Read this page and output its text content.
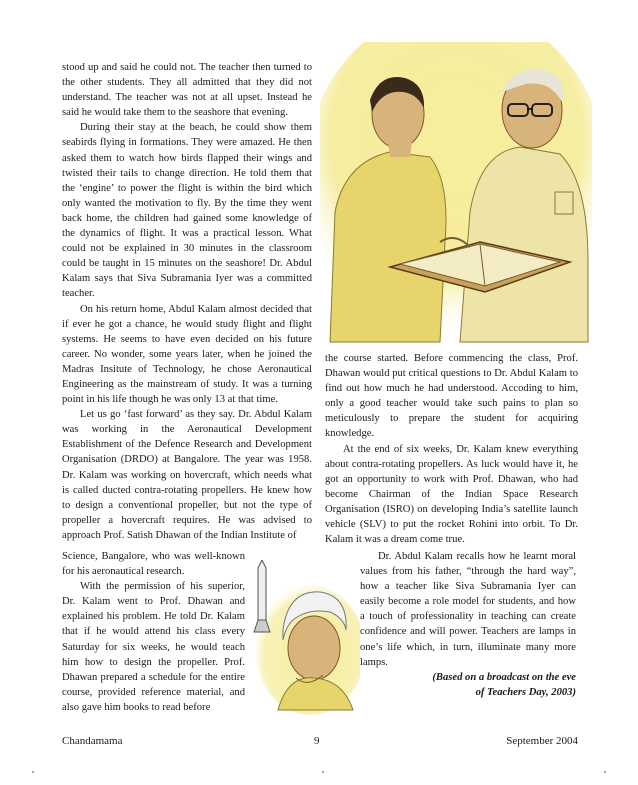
stood up and said he could not. The teacher then turned to the other students. They all admitted that they did not understand. The teacher was not at all upset. Instead he said he would take them to the seashore that evening.

During their stay at the beach, he could show them seabirds flying in formations. They were amazed. He then asked them to watch how birds flapped their wings and twisted their tails to change direction. He told them that the ‘engine’ to power the flight is within the bird which only wanted the motivation to fly. By the time they went back home, the children had gained some knowledge of the dynamics of flight. It was a practical lesson. What could not be explained in 30 minutes in the classroom could be taught in 15 minutes on the seashore! Dr. Abdul Kalam says that Siva Subramania Iyer was a committed teacher.

On his return home, Abdul Kalam almost decided that if ever he got a chance, he would study flight and flight systems. He seems to have even decided on his future career. No wonder, some years later, when he joined the Madras Insitute of Technology, he chose Aeronautical Engineering as the mainstream of study. It was a turning point in his life though he was only 13 at that time.

Let us go ‘fast forward’ as they say. Dr. Abdul Kalam was working in the Aeronautical Development Establishment of the Defence Research and Development Organisation (DRDO) at Bangalore. The year was 1958. Dr. Kalam was working on hovercraft, which needs what is called ducted contra-rotating propellers. He knew how to design a conventional propeller, but not the type of propeller a hovercraft requires. He was advised to approach Prof. Satish Dhawan of the Indian Institute of

Science, Bangalore, who was well-known for his aeronautical research.

With the permission of his superior, Dr. Kalam went to Prof. Dhawan and explained his problem. He told Dr. Kalam that if he would attend his class every Saturday for six weeks, he would teach him how to design the propeller. Prof. Dhawan prepared a schedule for the entire course, provided reference material, and also gave him books to read before

the course started. Before commencing the class, Prof. Dhawan would put critical questions to Dr. Abdul Kalam to find out how much he had understood. Accoding to him, only a good teacher would take such pains to plan so meticulously to prepare the student for acquiring knowledge.

At the end of six weeks, Dr. Kalam knew everything about contra-rotating propellers. As luck would have it, he got an opportunity to work with Prof. Dhawan, who had become Chairman of the Indian Space Research Organisation (ISRO) on developing India’s satellite launch vehicle (SLV) to put the rocket Rohini into orbit. To Dr. Kalam it was a dream come true.

Dr. Abdul Kalam recalls how he learnt moral values from his father, “through the hard way”, how a teacher like Siva Subramania Iyer can easily become a role model for students, and how a touch of professionality in teaching can create confidence and will power. Teachers are lamps in one’s life which, in turn, illuminate many more lamps.

(Based on a broadcast on the eve

of Teachers Day, 2003)

Chandamama	9	September 2004
